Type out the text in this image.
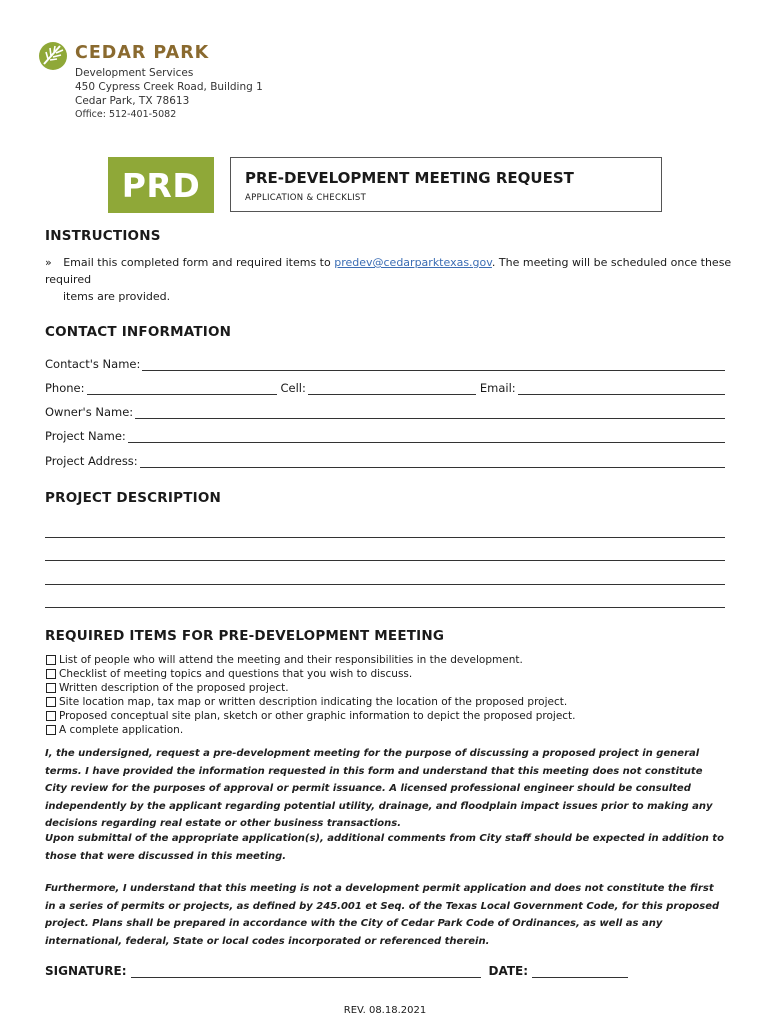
CEDAR PARK
Development Services
450 Cypress Creek Road, Building 1
Cedar Park, TX 78613
Office: 512-401-5082
PRD	PRE-DEVELOPMENT MEETING REQUEST
APPLICATION & CHECKLIST
INSTRUCTIONS
» Email this completed form and required items to predev@cedarparktexas.gov. The meeting will be scheduled once these required
items are provided.
CONTACT INFORMATION
Contact's Name:
Phone:	Cell:	Email:
Owner's Name:
Project Name:
Project Address:
PROJECT DESCRIPTION
REQUIRED ITEMS FOR PRE-DEVELOPMENT MEETING
List of people who will attend the meeting and their responsibilities in the development.
Checklist of meeting topics and questions that you wish to discuss.
Written description of the proposed project.
Site location map, tax map or written description indicating the location of the proposed project.
Proposed conceptual site plan, sketch or other graphic information to depict the proposed project.
A complete application.
I, the undersigned, request a pre-development meeting for the purpose of discussing a proposed project in general terms. I have provided the information requested in this form and understand that this meeting does not constitute City review for the purposes of approval or permit issuance. A licensed professional engineer should be consulted independently by the applicant regarding potential utility, drainage, and floodplain impact issues prior to making any decisions regarding real estate or other business transactions.
Upon submittal of the appropriate application(s), additional comments from City staff should be expected in addition to those that were discussed in this meeting.
Furthermore, I understand that this meeting is not a development permit application and does not constitute the first in a series of permits or projects, as defined by 245.001 et Seq. of the Texas Local Government Code, for this proposed project. Plans shall be prepared in accordance with the City of Cedar Park Code of Ordinances, as well as any international, federal, State or local codes incorporated or referenced therein.
SIGNATURE:	DATE:
REV. 08.18.2021
